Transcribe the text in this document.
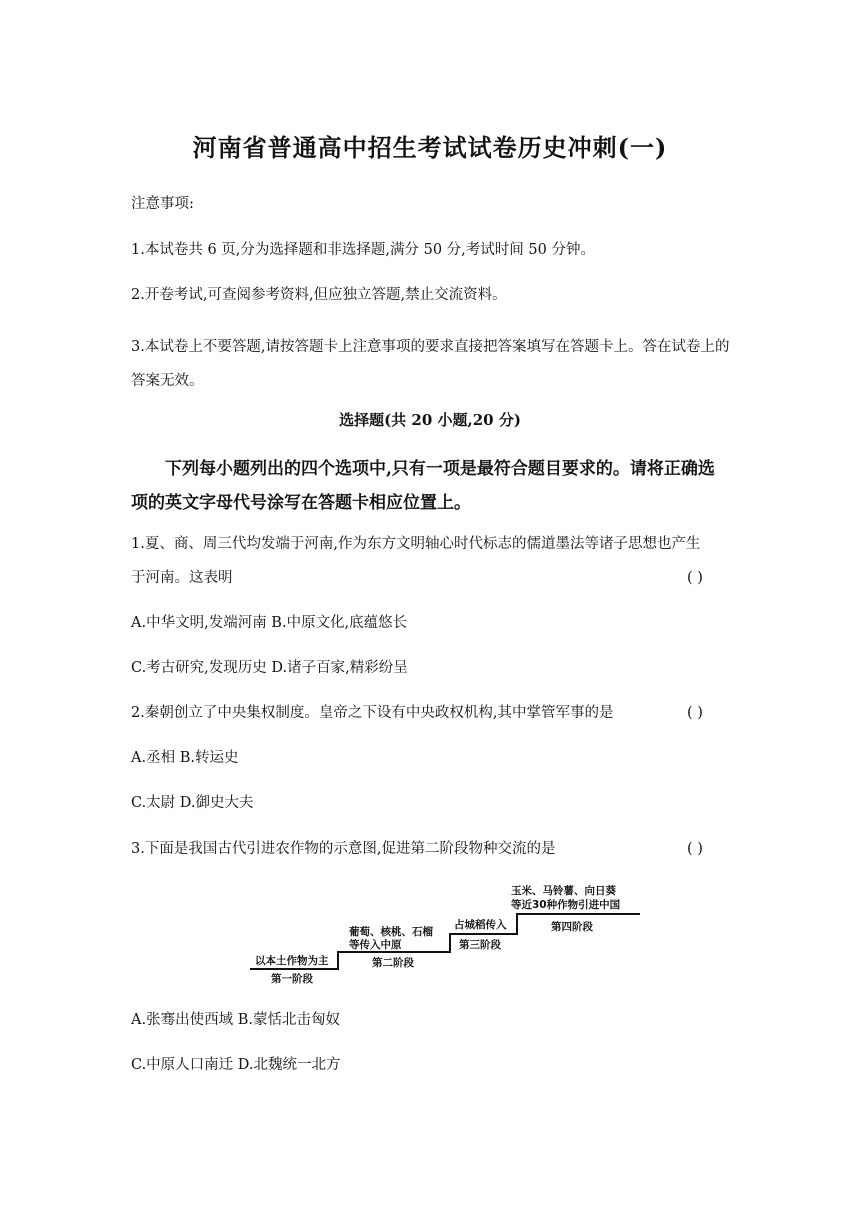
河南省普通高中招生考试试卷历史冲刺(一)
注意事项:
1.本试卷共 6 页,分为选择题和非选择题,满分 50 分,考试时间 50 分钟。
2.开卷考试,可查阅参考资料,但应独立答题,禁止交流资料。
3.本试卷上不要答题,请按答题卡上注意事项的要求直接把答案填写在答题卡上。答在试卷上的答案无效。
选择题(共 20 小题,20 分)
下列每小题列出的四个选项中,只有一项是最符合题目要求的。请将正确选项的英文字母代号涂写在答题卡相应位置上。
1.夏、商、周三代均发端于河南,作为东方文明轴心时代标志的儒道墨法等诸子思想也产生
于河南。这表明	( )
A.中华文明,发端河南 B.中原文化,底蕴悠长
C.考古研究,发现历史 D.诸子百家,精彩纷呈
2.秦朝创立了中央集权制度。皇帝之下设有中央政权机构,其中掌管军事的是	( )
A.丞相 B.转运史
C.太尉 D.御史大夫
3.下面是我国古代引进农作物的示意图,促进第二阶段物种交流的是	( )
以本土作物为主
第一阶段
葡萄、核桃、石榴
等传入中原
第二阶段
占城稻传入
第三阶段
玉米、马铃薯、向日葵
等近30种作物引进中国
第四阶段
A.张骞出使西域 B.蒙恬北击匈奴
C.中原人口南迁 D.北魏统一北方
